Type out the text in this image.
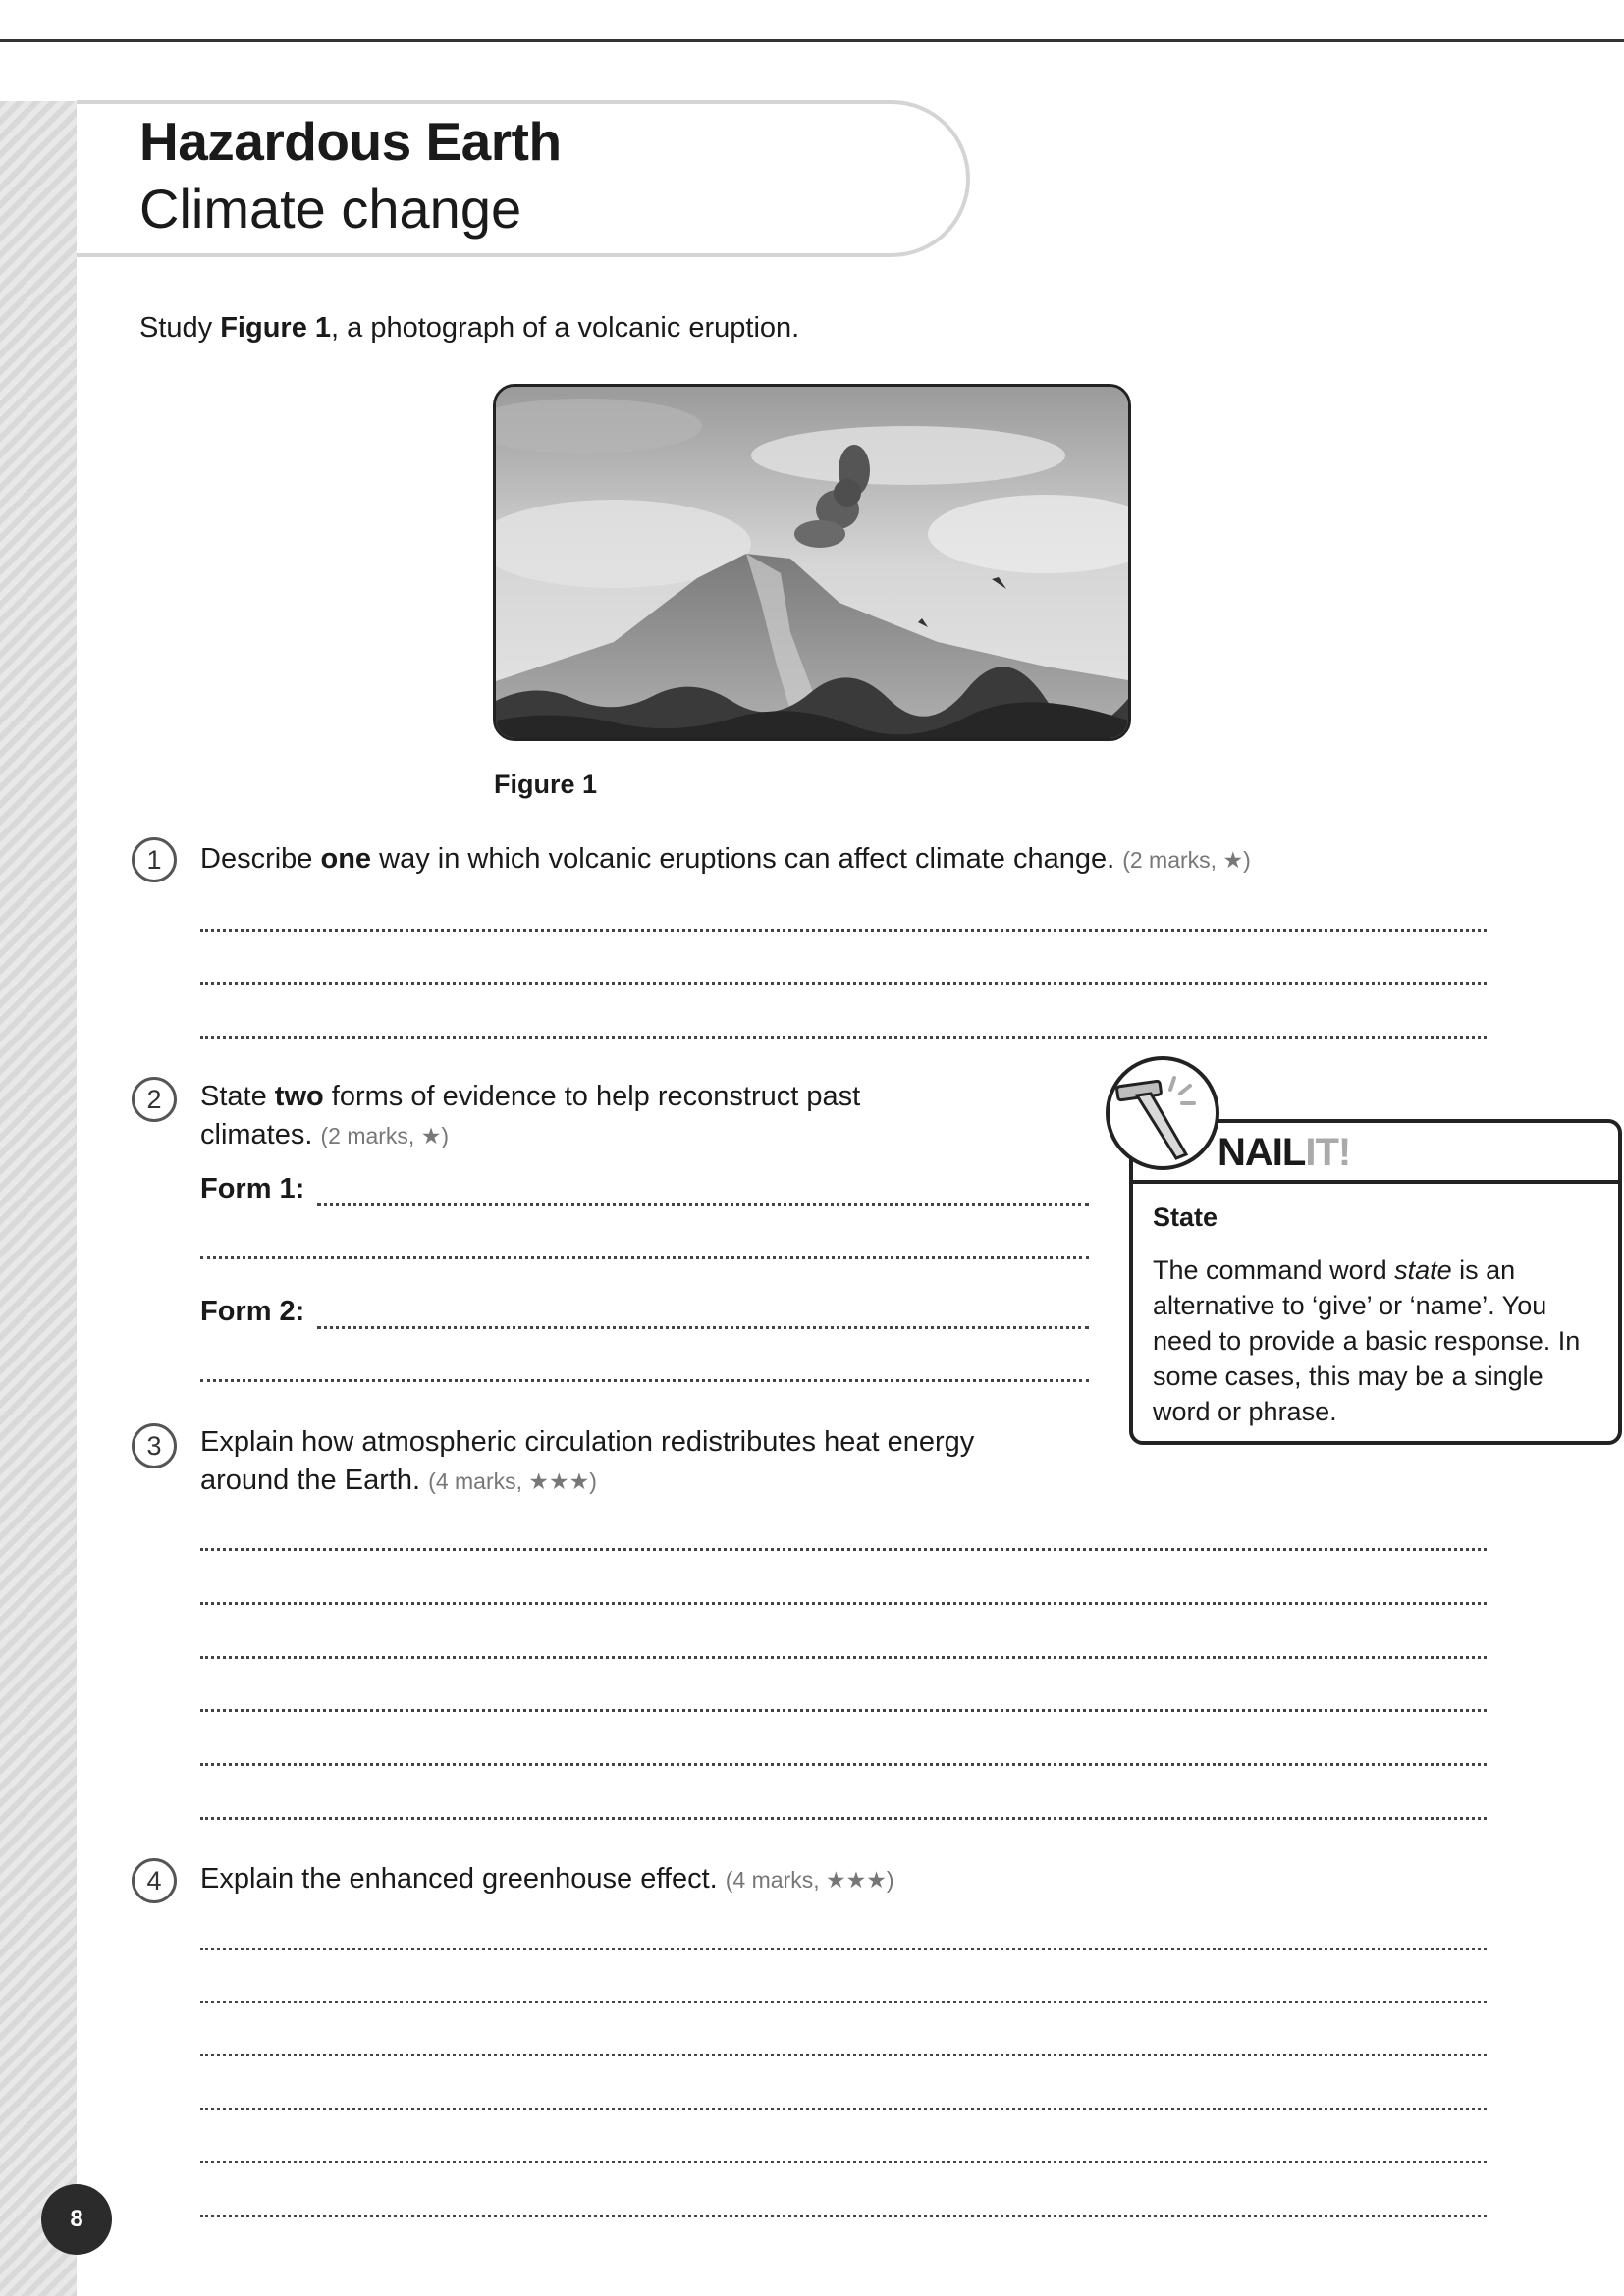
Hazardous Earth
Climate change
Study Figure 1, a photograph of a volcanic eruption.
Figure 1
1	Describe one way in which volcanic eruptions can affect climate change. (2 marks, ★)
2	State two forms of evidence to help reconstruct past
climates. (2 marks, ★)
Form 1:
Form 2:
NAILIT!
State
The command word state is an alternative to ‘give’ or ‘name’. You need to provide a basic response. In some cases, this may be a single word or phrase.
3	Explain how atmospheric circulation redistributes heat energy
around the Earth. (4 marks, ★★★)
4	Explain the enhanced greenhouse effect. (4 marks, ★★★)
8
